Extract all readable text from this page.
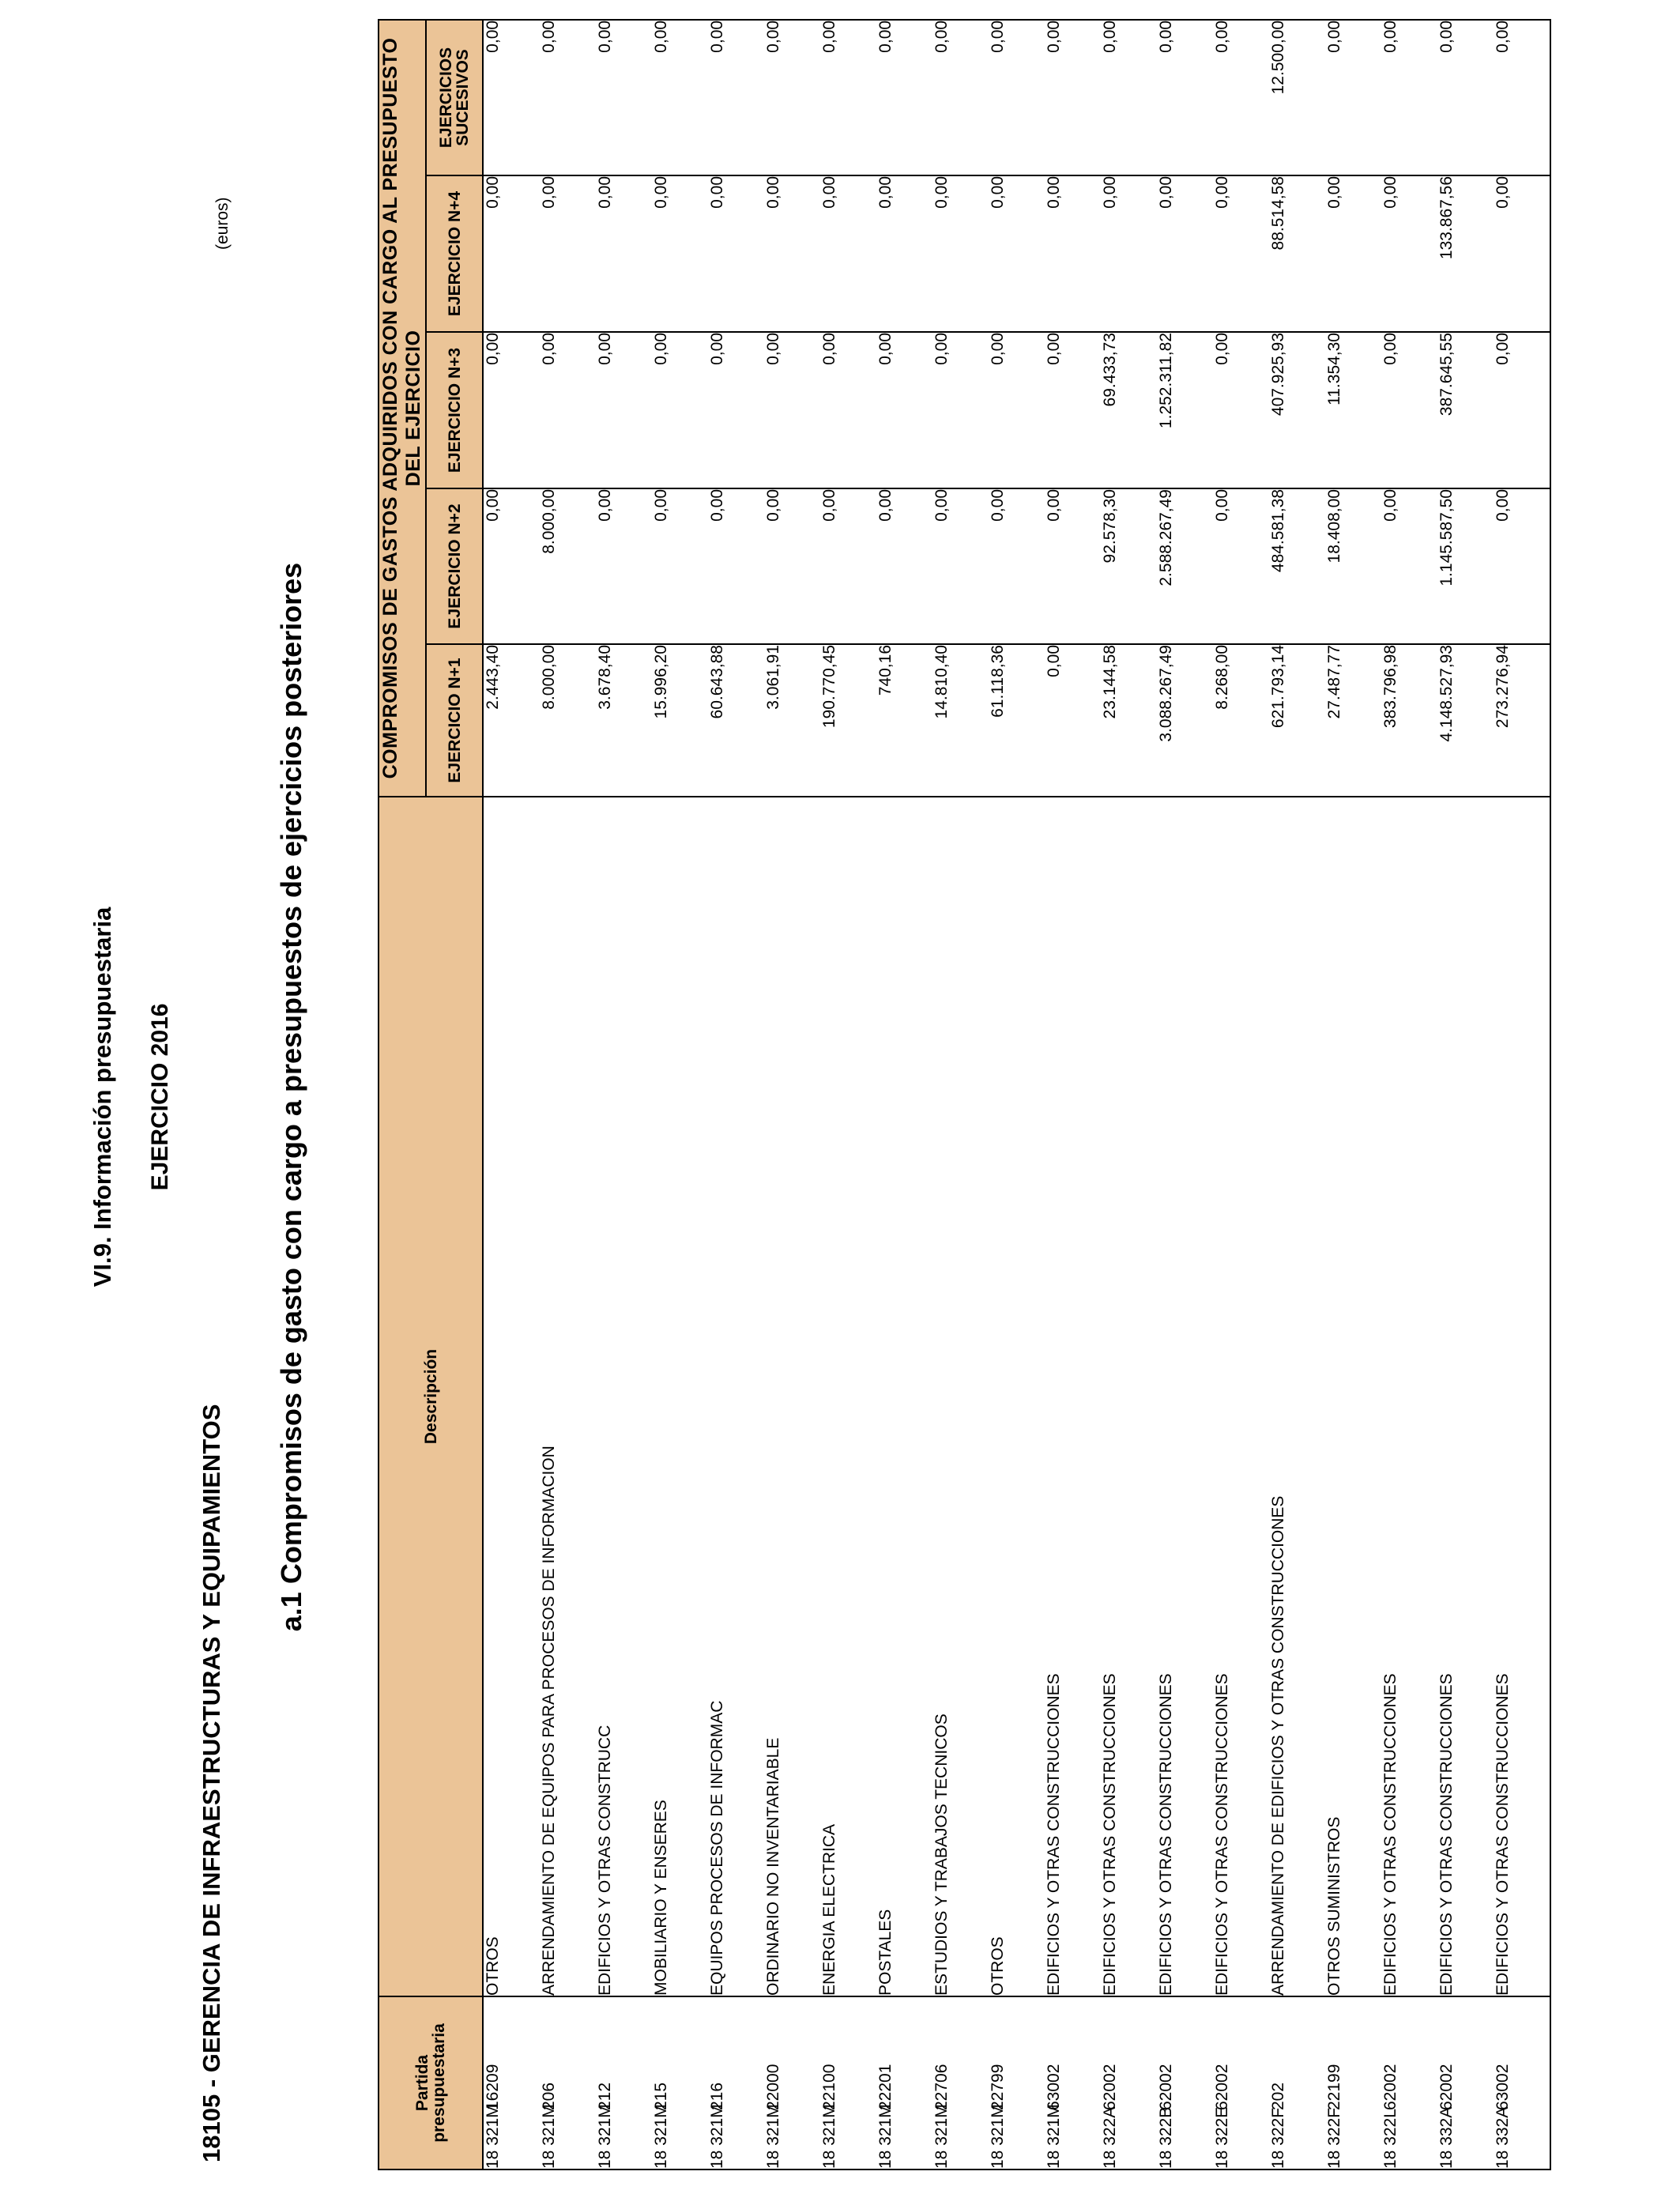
VI.9. Información presupuestaria EJERCICIO 2016
18105 - GERENCIA DE INFRAESTRUCTURAS Y EQUIPAMIENTOS
(euros)
a.1 Compromisos de gasto con cargo a presupuestos de ejercicios posteriores
Partida presupuestaria	Descripción	COMPROMISOS DE GASTOS ADQUIRIDOS CON CARGO AL PRESUPUESTO DEL EJERCICIO				
		EJERCICIO N+1	EJERCICIO N+2	EJERCICIO N+3	EJERCICIO N+4	EJERCICIOS SUCESIVOS
18 321M16209	OTROS	2.443,40	0,00	0,00	0,00	0,00
18 321M206	ARRENDAMIENTO DE EQUIPOS PARA PROCESOS DE INFORMACION	8.000,00	8.000,00	0,00	0,00	0,00
18 321M212	EDIFICIOS Y OTRAS CONSTRUCC	3.678,40	0,00	0,00	0,00	0,00
18 321M215	MOBILIARIO Y ENSERES	15.996,20	0,00	0,00	0,00	0,00
18 321M216	EQUIPOS PROCESOS DE INFORMAC	60.643,88	0,00	0,00	0,00	0,00
18 321M22000	ORDINARIO NO INVENTARIABLE	3.061,91	0,00	0,00	0,00	0,00
18 321M22100	ENERGIA ELECTRICA	190.770,45	0,00	0,00	0,00	0,00
18 321M22201	POSTALES	740,16	0,00	0,00	0,00	0,00
18 321M22706	ESTUDIOS Y TRABAJOS TECNICOS	14.810,40	0,00	0,00	0,00	0,00
18 321M22799	OTROS	61.118,36	0,00	0,00	0,00	0,00
18 321M63002	EDIFICIOS Y OTRAS CONSTRUCCIONES	0,00	0,00	0,00	0,00	0,00
18 322A62002	EDIFICIOS Y OTRAS CONSTRUCCIONES	23.144,58	92.578,30	69.433,73	0,00	0,00
18 322B62002	EDIFICIOS Y OTRAS CONSTRUCCIONES	3.088.267,49	2.588.267,49	1.252.311,82	0,00	0,00
18 322E62002	EDIFICIOS Y OTRAS CONSTRUCCIONES	8.268,00	0,00	0,00	0,00	0,00
18 322F202	ARRENDAMIENTO DE EDIFICIOS Y OTRAS CONSTRUCCIONES	621.793,14	484.581,38	407.925,93	88.514,58	12.500,00
18 322F22199	OTROS SUMINISTROS	27.487,77	18.408,00	11.354,30	0,00	0,00
18 322L62002	EDIFICIOS Y OTRAS CONSTRUCCIONES	383.796,98	0,00	0,00	0,00	0,00
18 332A62002	EDIFICIOS Y OTRAS CONSTRUCCIONES	4.148.527,93	1.145.587,50	387.645,55	133.867,56	0,00
18 332A63002	EDIFICIOS Y OTRAS CONSTRUCCIONES	273.276,94	0,00	0,00	0,00	0,00
